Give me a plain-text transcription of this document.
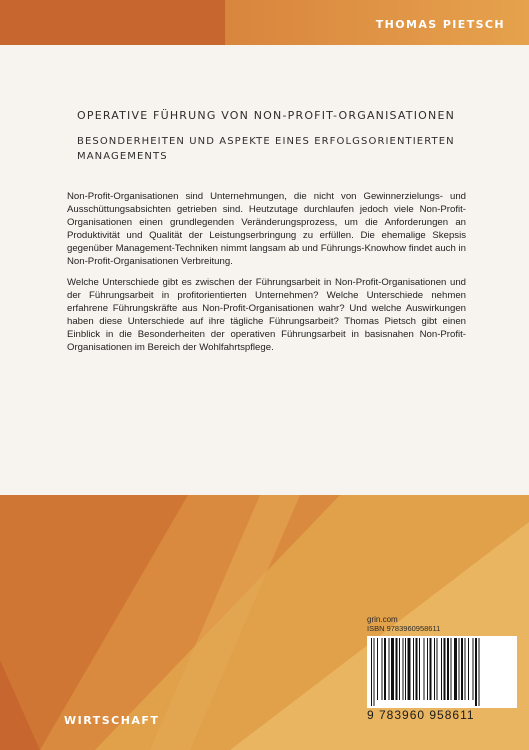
THOMAS PIETSCH
OPERATIVE FÜHRUNG VON NON-PROFIT-ORGANISATIONEN
BESONDERHEITEN UND ASPEKTE EINES ERFOLGSORIENTIERTEN MANAGEMENTS

Non-Profit-Organisationen sind Unternehmungen, die nicht von Gewinnerzielungs- und Ausschüttungsabsichten getrieben sind. Heutzutage durchlaufen jedoch viele Non-Profit-Organisationen einen grundlegenden Veränderungsprozess, um die Anforderungen an Produktivität und Qualität der Leistungserbringung zu erfüllen. Die ehemalige Skepsis gegenüber Management-Techniken nimmt langsam ab und Führungs-Knowhow findet auch in Non-Profit-Organisationen Verbreitung.

Welche Unterschiede gibt es zwischen der Führungsarbeit in Non-Profit-Organisationen und der Führungsarbeit in profitorientierten Unternehmen? Welche Unterschiede nehmen erfahrene Führungskräfte aus Non-Profit-Organisationen wahr? Und welche Auswirkungen haben diese Unterschiede auf ihre tägliche Führungsarbeit? Thomas Pietsch gibt einen Einblick in die Besonderheiten der operativen Führungsarbeit in basisnahen Non-Profit-Organisationen im Bereich der Wohlfahrtspflege.

grin.com
ISBN 9783960958611
9 783960 958611
WIRTSCHAFT
